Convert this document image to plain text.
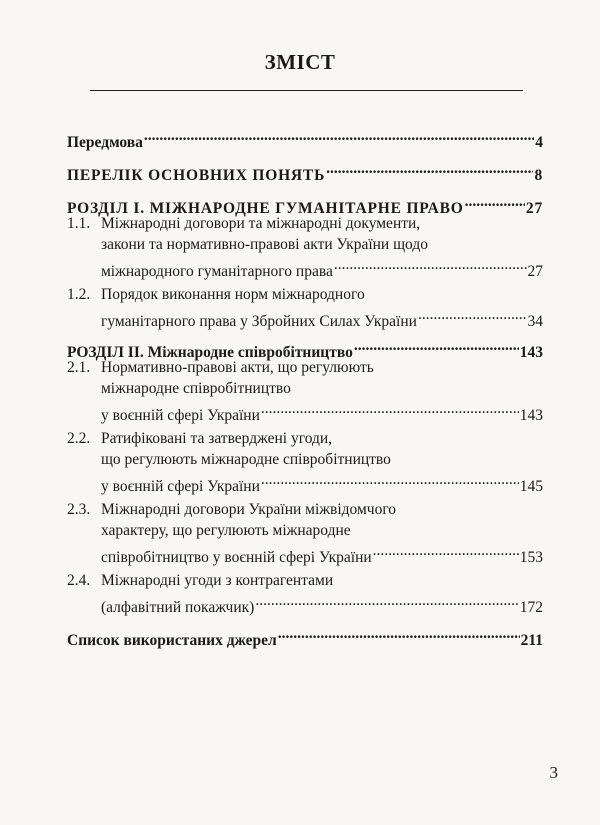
ЗМІСТ
Передмова .....	4
ПЕРЕЛІК ОСНОВНИХ ПОНЯТЬ .....	8
РОЗДІЛ І. МІЖНАРОДНЕ ГУМАНІТАРНЕ ПРАВО .....	27
1.1. Міжнародні договори та міжнародні документи,
закони та нормативно-правові акти України щодо
міжнародного гуманітарного права .....	27
1.2. Порядок виконання норм міжнародного
гуманітарного права у Збройних Силах України .....	34
РОЗДІЛ ІІ. Міжнародне співробітництво .....	143
2.1. Нормативно-правові акти, що регулюють
міжнародне співробітництво
у воєнній сфері України .....	143
2.2. Ратифіковані та затверджені угоди,
що регулюють міжнародне співробітництво
у воєнній сфері України .....	145
2.3. Міжнародні договори України міжвідомчого
характеру, що регулюють міжнародне
співробітництво у воєнній сфері України .....	153
2.4. Міжнародні угоди з контрагентами
(алфавітний покажчик) .....	172
Список використаних джерел .....	211
3
